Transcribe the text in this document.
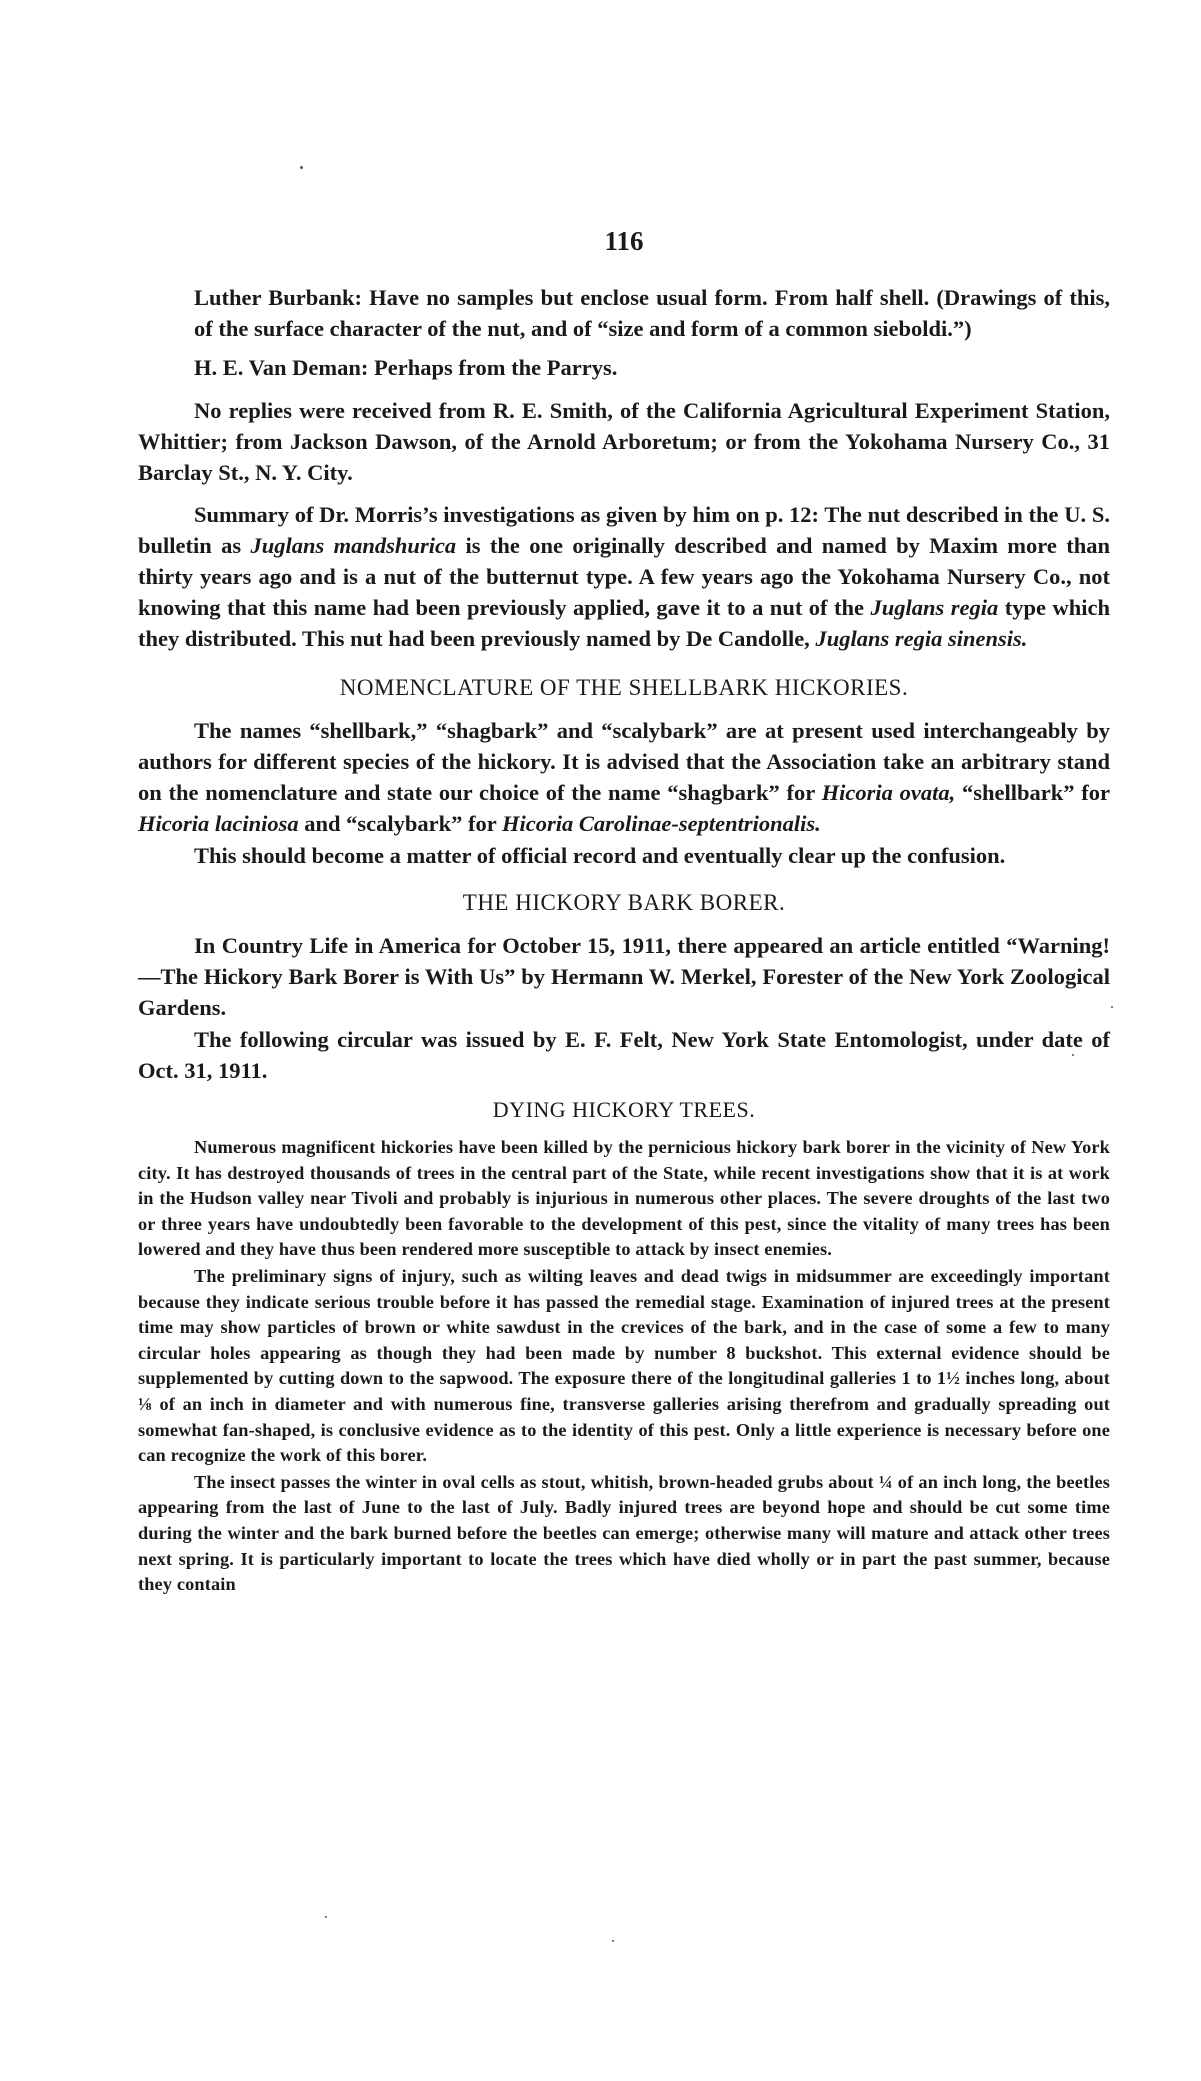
116

Luther Burbank: Have no samples but enclose usual form. From half shell. (Drawings of this, of the surface character of the nut, and of “size and form of a common sieboldi.”)

H. E. Van Deman: Perhaps from the Parrys.

No replies were received from R. E. Smith, of the California Agricultural Experiment Station, Whittier; from Jackson Dawson, of the Arnold Arboretum; or from the Yokohama Nursery Co., 31 Barclay St., N. Y. City.

Summary of Dr. Morris’s investigations as given by him on p. 12: The nut described in the U. S. bulletin as Juglans mandshurica is the one originally described and named by Maxim more than thirty years ago and is a nut of the butternut type. A few years ago the Yokohama Nursery Co., not knowing that this name had been previously applied, gave it to a nut of the Juglans regia type which they distributed. This nut had been previously named by De Candolle, Juglans regia sinensis.

NOMENCLATURE OF THE SHELLBARK HICKORIES.

The names “shellbark,” “shagbark” and “scalybark” are at present used interchangeably by authors for different species of the hickory. It is advised that the Association take an arbitrary stand on the nomenclature and state our choice of the name “shagbark” for Hicoria ovata, “shellbark” for Hicoria laciniosa and “scalybark” for Hicoria Carolinae-septentrionalis.

This should become a matter of official record and eventually clear up the confusion.

THE HICKORY BARK BORER.

In Country Life in America for October 15, 1911, there appeared an article entitled “Warning!—The Hickory Bark Borer is With Us” by Hermann W. Merkel, Forester of the New York Zoological Gardens.

The following circular was issued by E. F. Felt, New York State Entomologist, under date of Oct. 31, 1911.

DYING HICKORY TREES.

Numerous magnificent hickories have been killed by the pernicious hickory bark borer in the vicinity of New York city. It has destroyed thousands of trees in the central part of the State, while recent investigations show that it is at work in the Hudson valley near Tivoli and probably is injurious in numerous other places. The severe droughts of the last two or three years have undoubtedly been favorable to the development of this pest, since the vitality of many trees has been lowered and they have thus been rendered more susceptible to attack by insect enemies.

The preliminary signs of injury, such as wilting leaves and dead twigs in midsummer are exceedingly important because they indicate serious trouble before it has passed the remedial stage. Examination of injured trees at the present time may show particles of brown or white sawdust in the crevices of the bark, and in the case of some a few to many circular holes appearing as though they had been made by number 8 buckshot. This external evidence should be supplemented by cutting down to the sapwood. The exposure there of the longitudinal galleries 1 to 1½ inches long, about ⅛ of an inch in diameter and with numerous fine, transverse galleries arising therefrom and gradually spreading out somewhat fan-shaped, is conclusive evidence as to the identity of this pest. Only a little experience is necessary before one can recognize the work of this borer.

The insect passes the winter in oval cells as stout, whitish, brown-headed grubs about ¼ of an inch long, the beetles appearing from the last of June to the last of July. Badly injured trees are beyond hope and should be cut some time during the winter and the bark burned before the beetles can emerge; otherwise many will mature and attack other trees next spring. It is particularly important to locate the trees which have died wholly or in part the past summer, because they contain
